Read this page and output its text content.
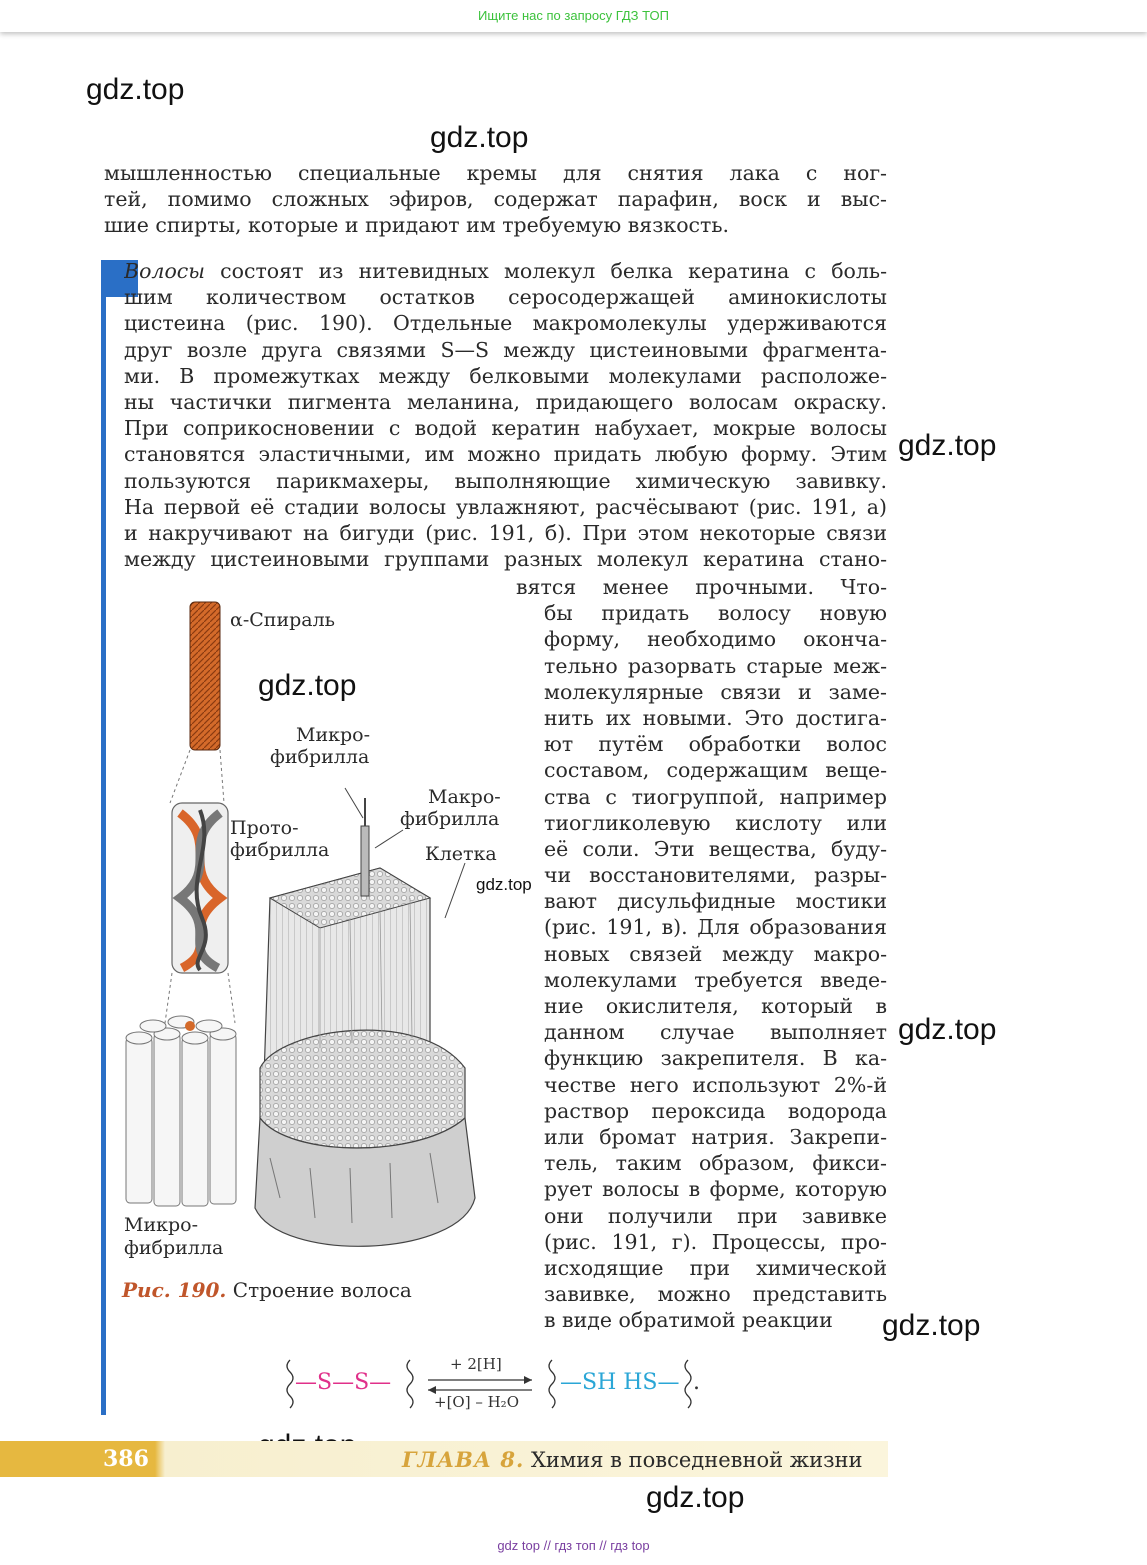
Ищите нас по запросу ГДЗ ТОП
gdz.top
gdz.top
gdz.top
gdz.top
gdz.top
gdz.top
gdz.top
gdz.top
мышленностью специальные кремы для снятия лака с ног-
тей, помимо сложных эфиров, содержат парафин, воск и выс-
шие спирты, которые и придают им требуемую вязкость.
Волосы состоят из нитевидных молекул белка кератина с боль-
шим количеством остатков серосодержащей аминокислоты
цистеина (рис. 190). Отдельные макромолекулы удерживаются
друг возле друга связями S—S между цистеиновыми фрагмента-
ми. В промежутках между белковыми молекулами расположе-
ны частички пигмента меланина, придающего волосам окраску.
При соприкосновении с водой кератин набухает, мокрые волосы
становятся эластичными, им можно придать любую форму. Этим
пользуются парикмахеры, выполняющие химическую завивку.
На первой её стадии волосы увлажняют, расчёсывают (рис. 191, а)
и накручивают на бигуди (рис. 191, б). При этом некоторые связи
между цистеиновыми группами разных молекул кератина стано-
вятся менее прочными. Что-
бы придать волосу новую
форму, необходимо оконча-
тельно разорвать старые меж-
молекулярные связи и заме-
нить их новыми. Это достига-
ют путём обработки волос
составом, содержащим веще-
ства с тиогруппой, например
тиогликолевую кислоту или
её соли. Эти вещества, буду-
чи восстановителями, разры-
вают дисульфидные мостики
(рис. 191, в). Для образования
новых связей между макро-
молекулами требуется введе-
ние окислителя, который в
данном случае выполняет
функцию закрепителя. В ка-
честве него используют 2%-й
раствор пероксида водорода
или бромат натрия. Закрепи-
тель, таким образом, фикси-
рует волосы в форме, которую
они получили при завивке
(рис. 191, г). Процессы, про-
исходящие при химической
завивке, можно представить
в виде обратимой реакции
α-Спираль
Микро-
фибрилла
Макро-
фибрилла
Прото-
фибрилла	Клетка
Микро-
фибрилла
Рис. 190. Строение волоса
—S—S—
+ 2[H]
+[O] – H₂O
—SH HS— .
386	ГЛАВА 8. Химия в повседневной жизни
gdz top // гдз топ // гдз top
